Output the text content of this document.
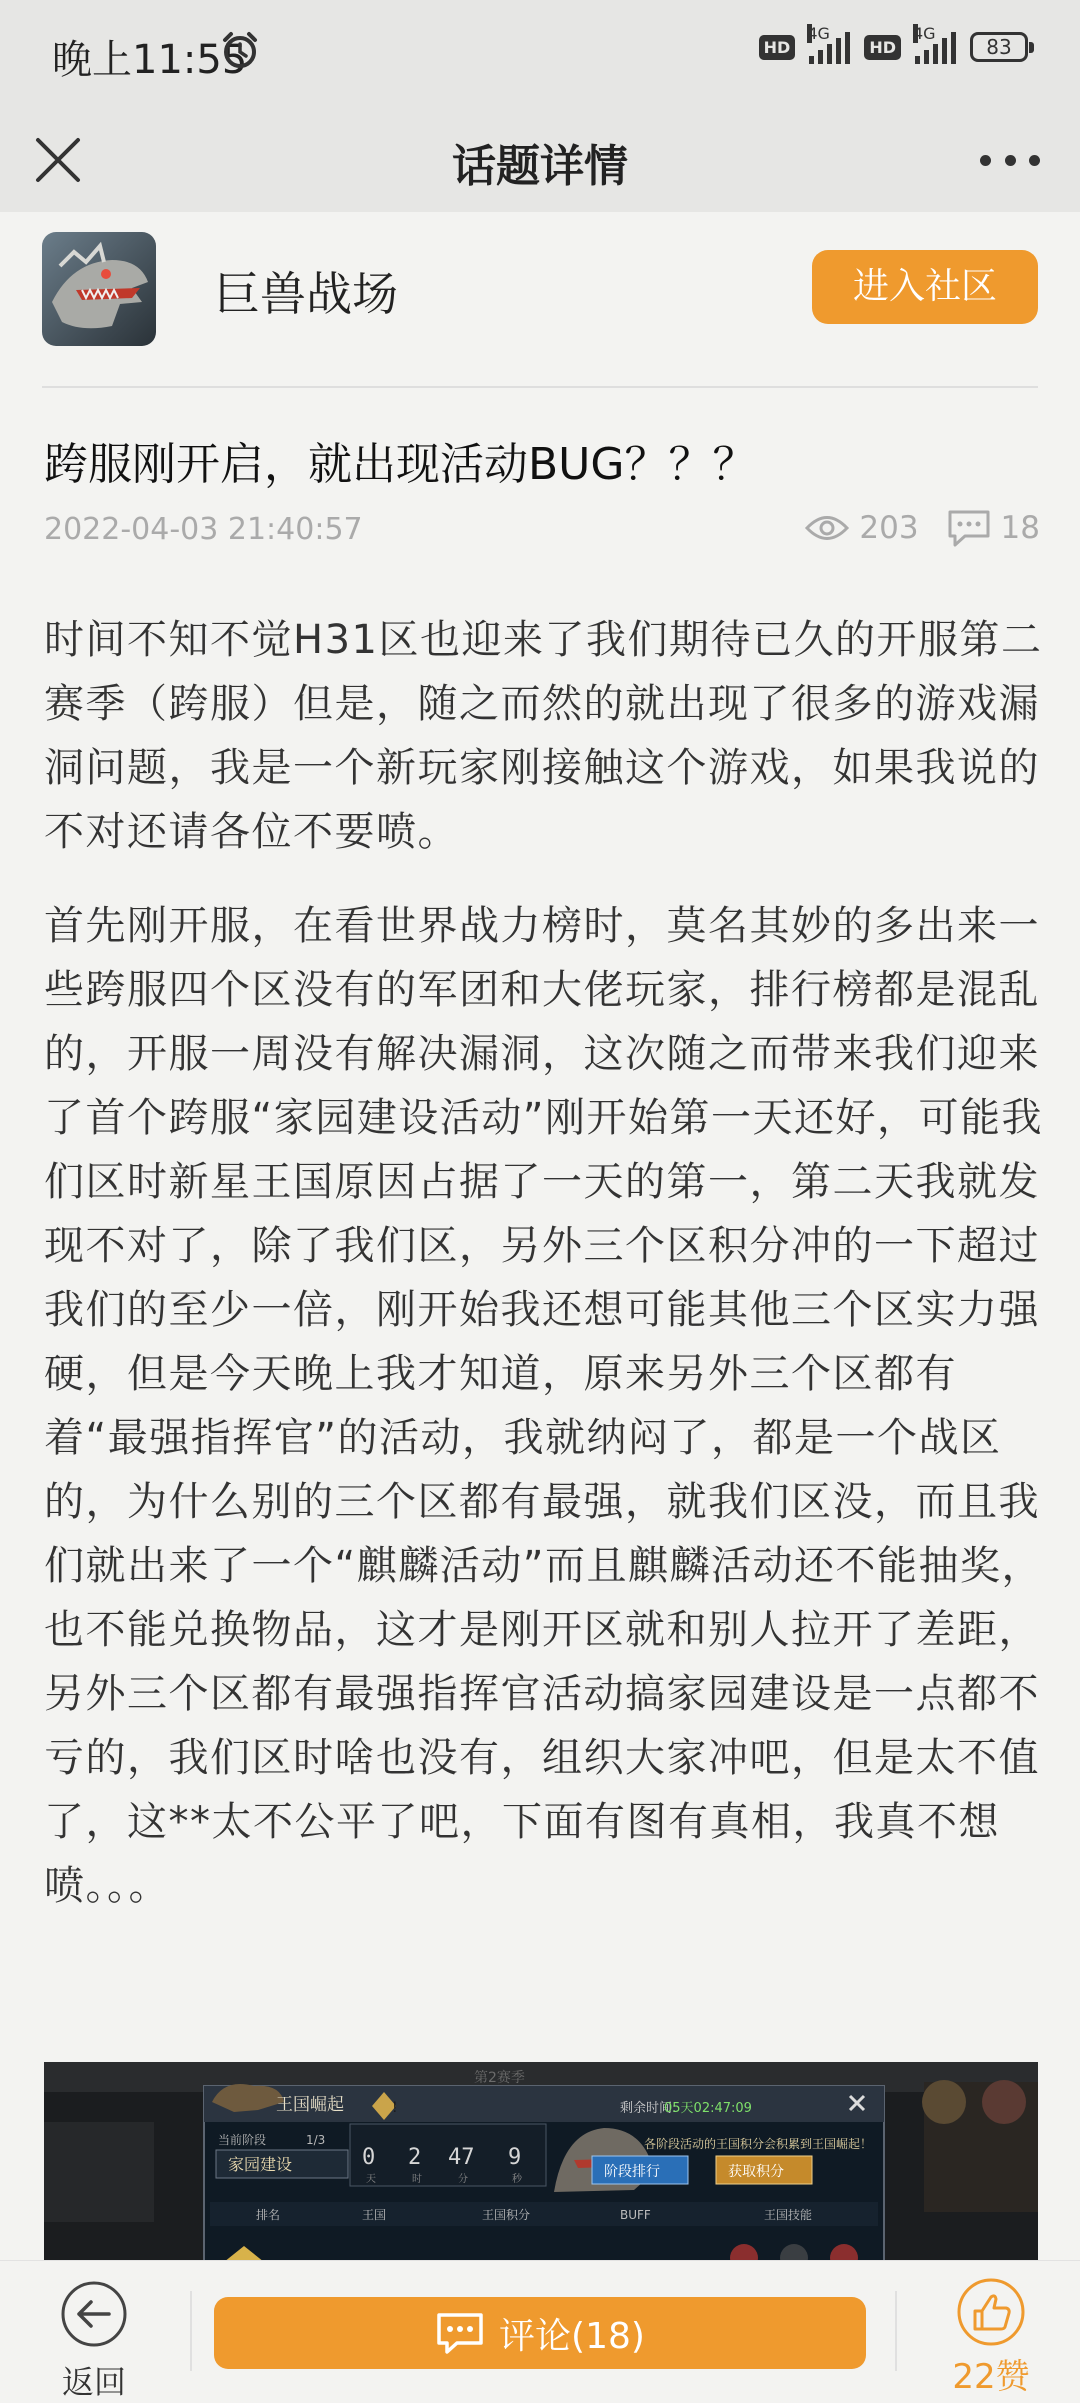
晚上11:55	HD
4G
HD
4G
83
话题详情
巨兽战场	进入社区
跨服刚开启，就出现活动BUG？？？
2022-04-03 21:40:57	203	18

时间不知不觉H31区也迎来了我们期待已久的开服第二赛季（跨服）但是，随之而然的就出现了很多的游戏漏洞问题，我是一个新玩家刚接触这个游戏，如果我说的不对还请各位不要喷。

首先刚开服，在看世界战力榜时，莫名其妙的多出来一些跨服四个区没有的军团和大佬玩家，排行榜都是混乱的，开服一周没有解决漏洞，这次随之而带来我们迎来了首个跨服“家园建设活动”刚开始第一天还好，可能我们区时新星王国原因占据了一天的第一，第二天我就发现不对了，除了我们区，另外三个区积分冲的一下超过我们的至少一倍，刚开始我还想可能其他三个区实力强硬，但是今天晚上我才知道，原来另外三个区都有着“最强指挥官”的活动，我就纳闷了，都是一个战区的，为什么别的三个区都有最强，就我们区没，而且我们就出来了一个“麒麟活动”而且麒麟活动还不能抽奖，也不能兑换物品，这才是刚开区就和别人拉开了差距，另外三个区都有最强指挥官活动搞家园建设是一点都不亏的，我们区时啥也没有，组织大家冲吧，但是太不值了，这**太不公平了吧，下面有图有真相，我真不想喷。。。

第2赛季
王国崛起	!	剩余时间:
05天02:47:09
当前阶段	1/3
家园建设	0 2 47 9
天	时	分	秒
各阶段活动的王国积分会积累到王国崛起！
阶段排行	获取积分
排名	王国	王国积分	BUFF	王国技能
返回
评论(18)
22赞
